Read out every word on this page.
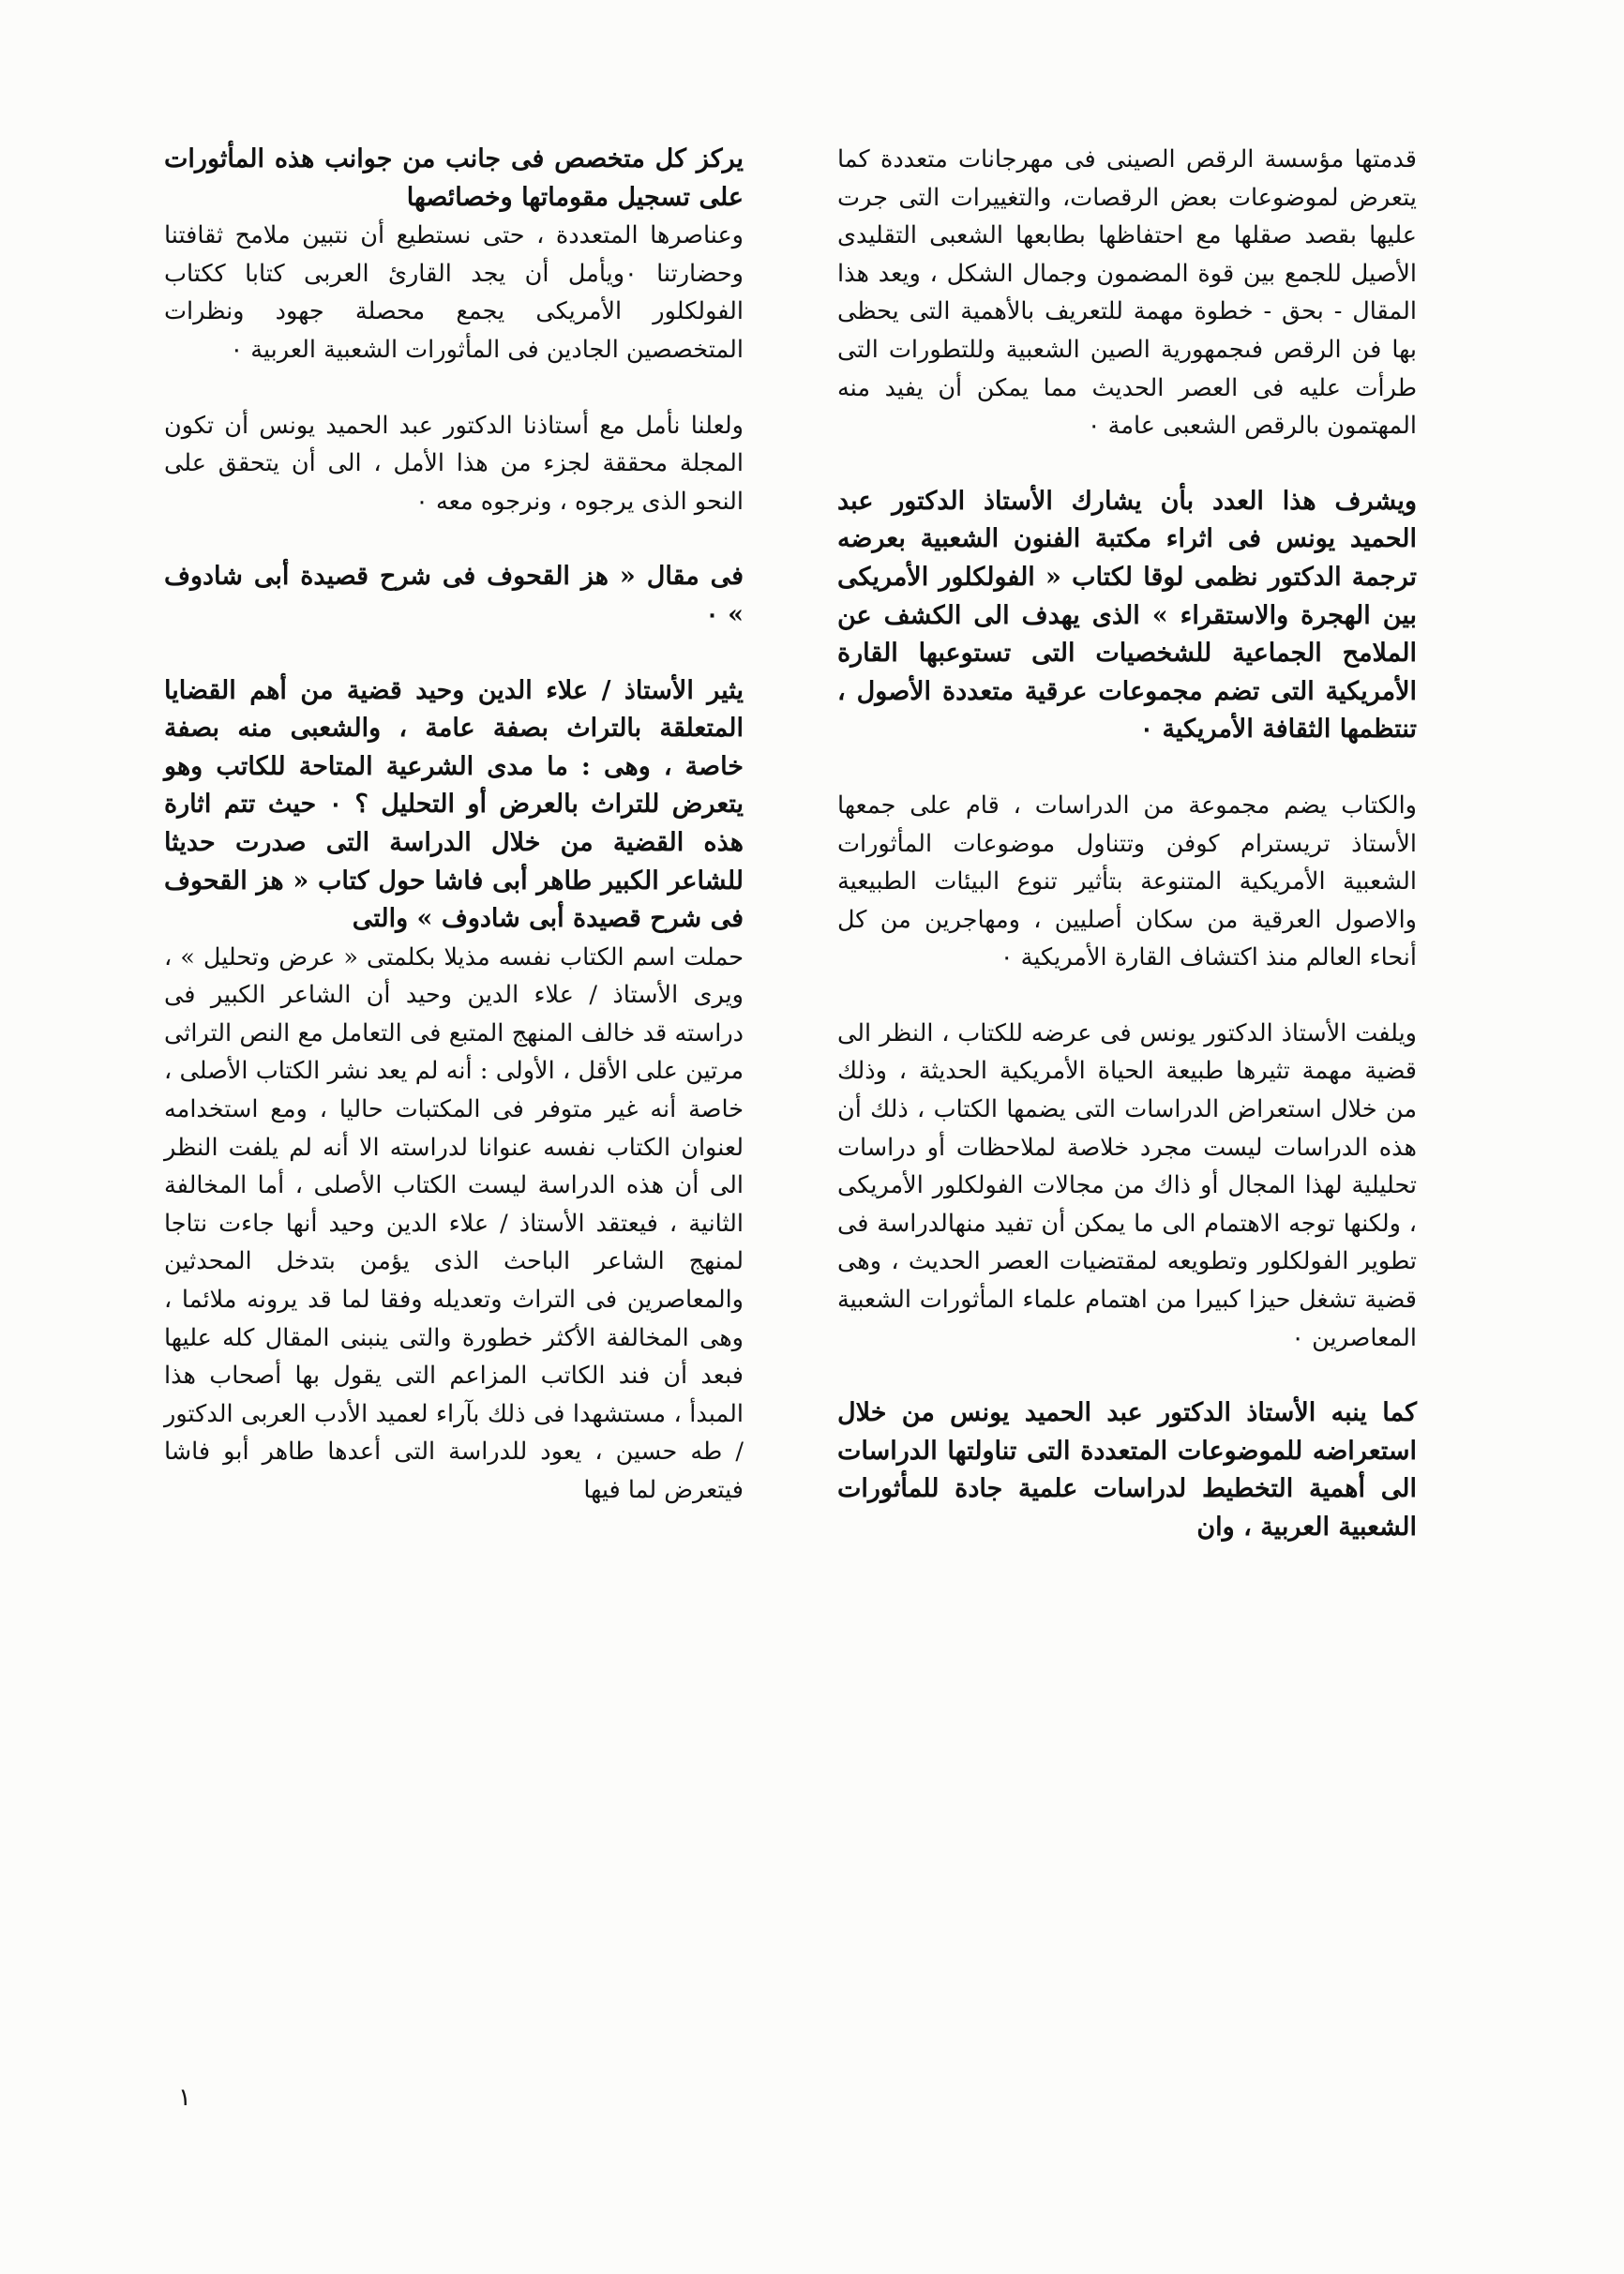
قدمتها مؤسسة الرقص الصينى فى مهرجانات متعددة كما يتعرض لموضوعات بعض الرقصات، والتغييرات التى جرت عليها بقصد صقلها مع احتفاظها بطابعها الشعبى التقليدى الأصيل للجمع بين قوة المضمون وجمال الشكل ، ويعد هذا المقال - بحق - خطوة مهمة للتعريف بالأهمية التى يحظى بها فن الرقص فىجمهورية الصين الشعبية وللتطورات التى طرأت عليه فى العصر الحديث مما يمكن أن يفيد منه المهتمون بالرقص الشعبى عامة ٠

ويشرف هذا العدد بأن يشارك الأستاذ الدكتور عبد الحميد يونس فى اثراء مكتبة الفنون الشعبية بعرضه ترجمة الدكتور نظمى لوقا لكتاب « الفولكلور الأمريكى بين الهجرة والاستقراء » الذى يهدف الى الكشف عن الملامح الجماعية للشخصيات التى تستوعبها القارة الأمريكية التى تضم مجموعات عرقية متعددة الأصول ، تنتظمها الثقافة الأمريكية ٠

والكتاب يضم مجموعة من الدراسات ، قام على جمعها الأستاذ تريسترام كوفن وتتناول موضوعات المأثورات الشعبية الأمريكية المتنوعة بتأثير تنوع البيئات الطبيعية والاصول العرقية من سكان أصليين ، ومهاجرين من كل أنحاء العالم منذ اكتشاف القارة الأمريكية ٠

ويلفت الأستاذ الدكتور يونس فى عرضه للكتاب ، النظر الى قضية مهمة تثيرها طبيعة الحياة الأمريكية الحديثة ، وذلك من خلال استعراض الدراسات التى يضمها الكتاب ، ذلك أن هذه الدراسات ليست مجرد خلاصة لملاحظات أو دراسات تحليلية لهذا المجال أو ذاك من مجالات الفولكلور الأمريكى ، ولكنها توجه الاهتمام الى ما يمكن أن تفيد منهالدراسة فى تطوير الفولكلور وتطويعه لمقتضيات العصر الحديث ، وهى قضية تشغل حيزا كبيرا من اهتمام علماء المأثورات الشعبية المعاصرين ٠

كما ينبه الأستاذ الدكتور عبد الحميد يونس من خلال استعراضه للموضوعات المتعددة التى تناولتها الدراسات الى أهمية التخطيط لدراسات علمية جادة للمأثورات الشعبية العربية ، وان

يركز كل متخصص فى جانب من جوانب هذه المأثورات على تسجيل مقوماتها وخصائصها

وعناصرها المتعددة ، حتى نستطيع أن نتبين ملامح ثقافتنا وحضارتنا ٠ويأمل أن يجد القارئ العربى كتابا ككتاب الفولكلور الأمريكى يجمع محصلة جهود ونظرات المتخصصين الجادين فى المأثورات الشعبية العربية ٠

ولعلنا نأمل مع أستاذنا الدكتور عبد الحميد يونس أن تكون المجلة محققة لجزء من هذا الأمل ، الى أن يتحقق على النحو الذى يرجوه ، ونرجوه معه ٠

فى مقال « هز القحوف فى شرح قصيدة أبى شادوف » ٠

يثير الأستاذ / علاء الدين وحيد قضية من أهم القضايا المتعلقة بالتراث بصفة عامة ، والشعبى منه بصفة خاصة ، وهى : ما مدى الشرعية المتاحة للكاتب وهو يتعرض للتراث بالعرض أو التحليل ؟ ٠ حيث تتم اثارة هذه القضية من خلال الدراسة التى صدرت حديثا للشاعر الكبير طاهر أبى فاشا حول كتاب « هز القحوف فى شرح قصيدة أبى شادوف » والتى

حملت اسم الكتاب نفسه مذيلا بكلمتى « عرض وتحليل » ، ويرى الأستاذ / علاء الدين وحيد أن الشاعر الكبير فى دراسته قد خالف المنهج المتبع فى التعامل مع النص التراثى مرتين على الأقل ، الأولى : أنه لم يعد نشر الكتاب الأصلى ، خاصة أنه غير متوفر فى المكتبات حاليا ، ومع استخدامه لعنوان الكتاب نفسه عنوانا لدراسته الا أنه لم يلفت النظر الى أن هذه الدراسة ليست الكتاب الأصلى ، أما المخالفة الثانية ، فيعتقد الأستاذ / علاء الدين وحيد أنها جاءت نتاجا لمنهج الشاعر الباحث الذى يؤمن بتدخل المحدثين والمعاصرين فى التراث وتعديله وفقا لما قد يرونه ملائما ، وهى المخالفة الأكثر خطورة والتى ينبنى المقال كله عليها فبعد أن فند الكاتب المزاعم التى يقول بها أصحاب هذا المبدأ ، مستشهدا فى ذلك بآراء لعميد الأدب العربى الدكتور / طه حسين ، يعود للدراسة التى أعدها طاهر أبو فاشا فيتعرض لما فيها

١
